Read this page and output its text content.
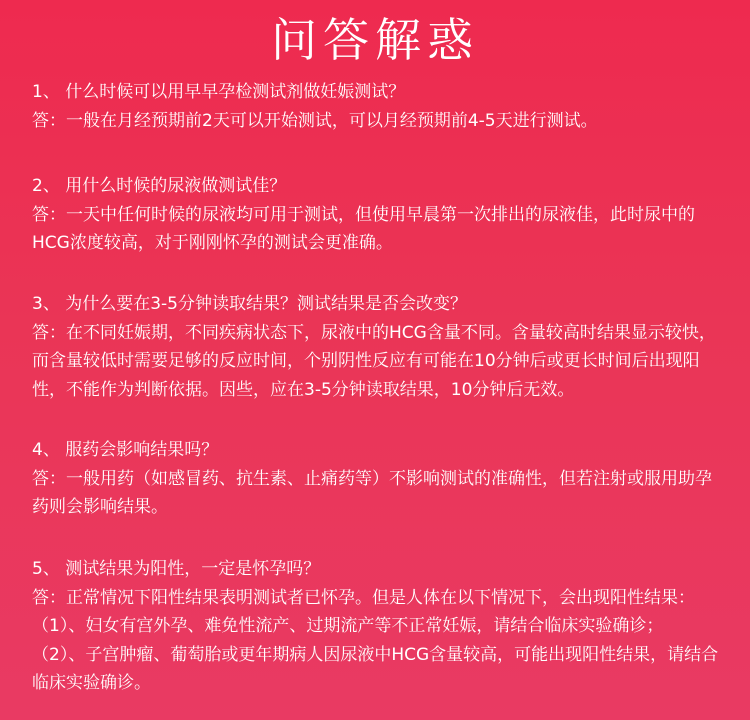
问答解惑

1、 什么时候可以用早早孕检测试剂做妊娠测试？

答：一般在月经预期前2天可以开始测试，可以月经预期前4-5天进行测试。

2、 用什么时候的尿液做测试佳？

答：一天中任何时候的尿液均可用于测试，但使用早晨第一次排出的尿液佳，此时尿中的HCG浓度较高，对于刚刚怀孕的测试会更准确。

3、 为什么要在3-5分钟读取结果？测试结果是否会改变？

答：在不同妊娠期，不同疾病状态下，尿液中的HCG含量不同。含量较高时结果显示较快，而含量较低时需要足够的反应时间，个别阴性反应有可能在10分钟后或更长时间后出现阳性，不能作为判断依据。因些，应在3-5分钟读取结果，10分钟后无效。

4、 服药会影响结果吗？

答：一般用药（如感冒药、抗生素、止痛药等）不影响测试的准确性，但若注射或服用助孕药则会影响结果。

5、 测试结果为阳性，一定是怀孕吗？

答：正常情况下阳性结果表明测试者已怀孕。但是人体在以下情况下，会出现阳性结果：

（1）、妇女有宫外孕、难免性流产、过期流产等不正常妊娠，请结合临床实验确诊；

（2）、子宫肿瘤、葡萄胎或更年期病人因尿液中HCG含量较高，可能出现阳性结果，请结合临床实验确诊。
